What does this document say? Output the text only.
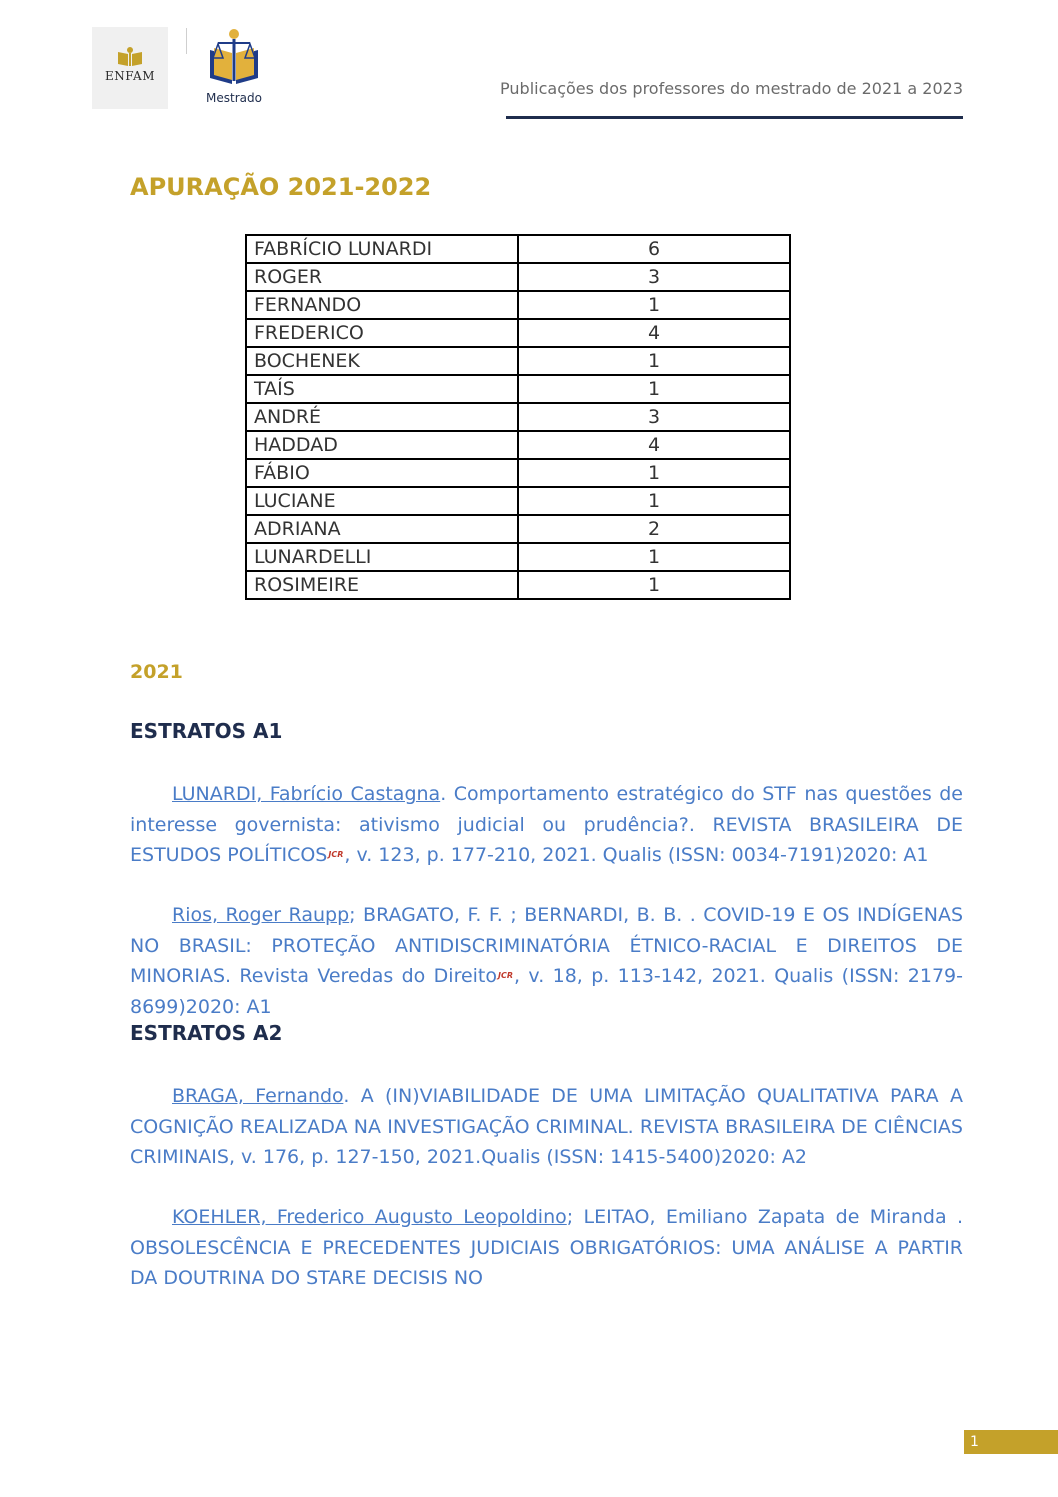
ENFAM
Mestrado	Publicações dos professores do mestrado de 2021 a 2023
APURAÇÃO 2021-2022
FABRÍCIO LUNARDI	6
ROGER	3
FERNANDO	1
FREDERICO	4
BOCHENEK	1
TAÍS	1
ANDRÉ	3
HADDAD	4
FÁBIO	1
LUCIANE	1
ADRIANA	2
LUNARDELLI	1
ROSIMEIRE	1
2021
ESTRATOS A1
LUNARDI, Fabrício Castagna. Comportamento estratégico do STF nas questões de interesse governista: ativismo judicial ou prudência?. REVISTA BRASILEIRA DE ESTUDOS POLÍTICOSJCR, v. 123, p. 177-210, 2021. Qualis (ISSN: 0034-7191)2020: A1
Rios, Roger Raupp; BRAGATO, F. F. ; BERNARDI, B. B. . COVID-19 E OS INDÍGENAS NO BRASIL: PROTEÇÃO ANTIDISCRIMINATÓRIA ÉTNICO-RACIAL E DIREITOS DE MINORIAS. Revista Veredas do DireitoJCR, v. 18, p. 113-142, 2021. Qualis (ISSN: 2179-8699)2020: A1
ESTRATOS A2
BRAGA, Fernando. A (IN)VIABILIDADE DE UMA LIMITAÇÃO QUALITATIVA PARA A COGNIÇÃO REALIZADA NA INVESTIGAÇÃO CRIMINAL. REVISTA BRASILEIRA DE CIÊNCIAS CRIMINAIS, v. 176, p. 127-150, 2021.Qualis (ISSN: 1415-5400)2020: A2
KOEHLER, Frederico Augusto Leopoldino; LEITAO, Emiliano Zapata de Miranda . OBSOLESCÊNCIA E PRECEDENTES JUDICIAIS OBRIGATÓRIOS: UMA ANÁLISE A PARTIR DA DOUTRINA DO STARE DECISIS NO
1
